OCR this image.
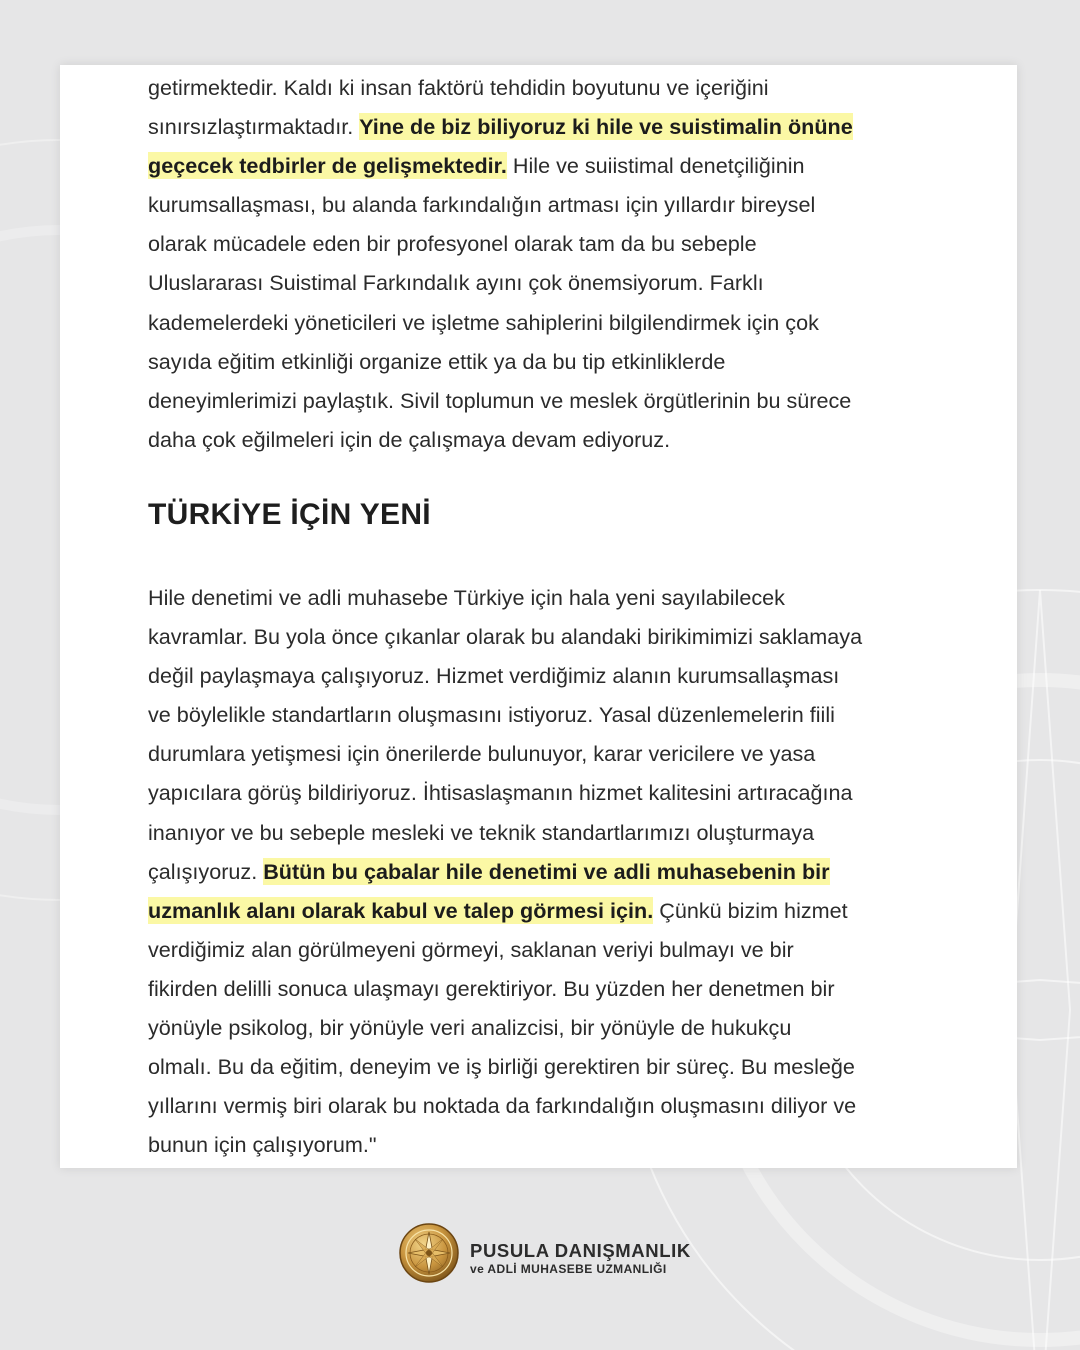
getirmektedir. Kaldı ki insan faktörü tehdidin boyutunu ve içeriğini
sınırsızlaştırmaktadır. Yine de biz biliyoruz ki hile ve suistimalin önüne
geçecek tedbirler de gelişmektedir. Hile ve suiistimal denetçiliğinin
kurumsallaşması, bu alanda farkındalığın artması için yıllardır bireysel
olarak mücadele eden bir profesyonel olarak tam da bu sebeple
Uluslararası Suistimal Farkındalık ayını çok önemsiyorum. Farklı
kademelerdeki yöneticileri ve işletme sahiplerini bilgilendirmek için çok
sayıda eğitim etkinliği organize ettik ya da bu tip etkinliklerde
deneyimlerimizi paylaştık. Sivil toplumun ve meslek örgütlerinin bu sürece
daha çok eğilmeleri için de çalışmaya devam ediyoruz.
TÜRKİYE İÇİN YENİ
Hile denetimi ve adli muhasebe Türkiye için hala yeni sayılabilecek
kavramlar. Bu yola önce çıkanlar olarak bu alandaki birikimimizi saklamaya
değil paylaşmaya çalışıyoruz. Hizmet verdiğimiz alanın kurumsallaşması
ve böylelikle standartların oluşmasını istiyoruz. Yasal düzenlemelerin fiili
durumlara yetişmesi için önerilerde bulunuyor, karar vericilere ve yasa
yapıcılara görüş bildiriyoruz. İhtisaslaşmanın hizmet kalitesini artıracağına
inanıyor ve bu sebeple mesleki ve teknik standartlarımızı oluşturmaya
çalışıyoruz. Bütün bu çabalar hile denetimi ve adli muhasebenin bir
uzmanlık alanı olarak kabul ve talep görmesi için. Çünkü bizim hizmet
verdiğimiz alan görülmeyeni görmeyi, saklanan veriyi bulmayı ve bir
fikirden delilli sonuca ulaşmayı gerektiriyor. Bu yüzden her denetmen bir
yönüyle psikolog, bir yönüyle veri analizcisi, bir yönüyle de hukukçu
olmalı. Bu da eğitim, deneyim ve iş birliği gerektiren bir süreç. Bu mesleğe
yıllarını vermiş biri olarak bu noktada da farkındalığın oluşmasını diliyor ve
bunun için çalışıyorum."
PUSULA DANIŞMANLIK
ve ADLİ MUHASEBE UZMANLIĞI
